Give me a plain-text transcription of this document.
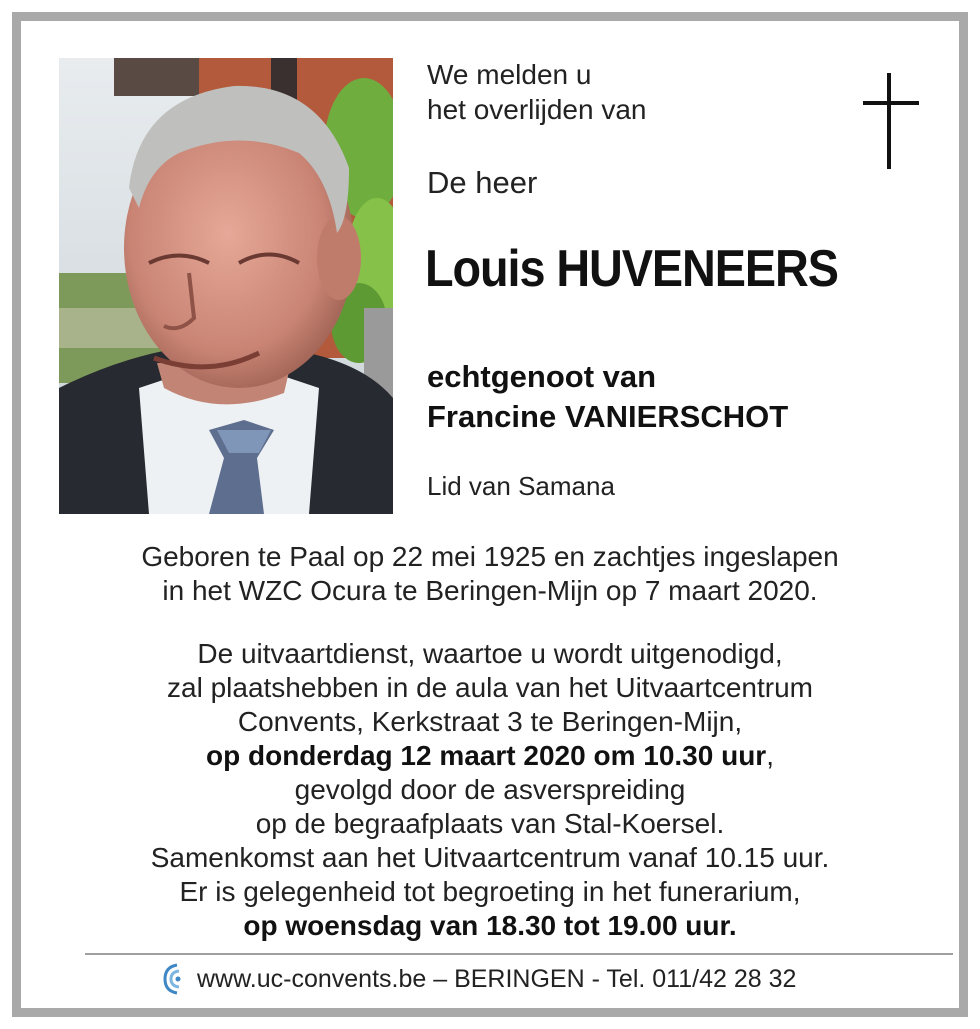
We melden u
het overlijden van
De heer
Louis HUVENEERS
echtgenoot van
Francine VANIERSCHOT
Lid van Samana
Geboren te Paal op 22 mei 1925 en zachtjes ingeslapen
in het WZC Ocura te Beringen-Mijn op 7 maart 2020.
De uitvaartdienst, waartoe u wordt uitgenodigd,
zal plaatshebben in de aula van het Uitvaartcentrum
Convents, Kerkstraat 3 te Beringen-Mijn,
op donderdag 12 maart 2020 om 10.30 uur,
gevolgd door de asverspreiding
op de begraafplaats van Stal-Koersel.
Samenkomst aan het Uitvaartcentrum vanaf 10.15 uur.
Er is gelegenheid tot begroeting in het funerarium,
op woensdag van 18.30 tot 19.00 uur.
www.uc-convents.be – BERINGEN - Tel. 011/42 28 32
